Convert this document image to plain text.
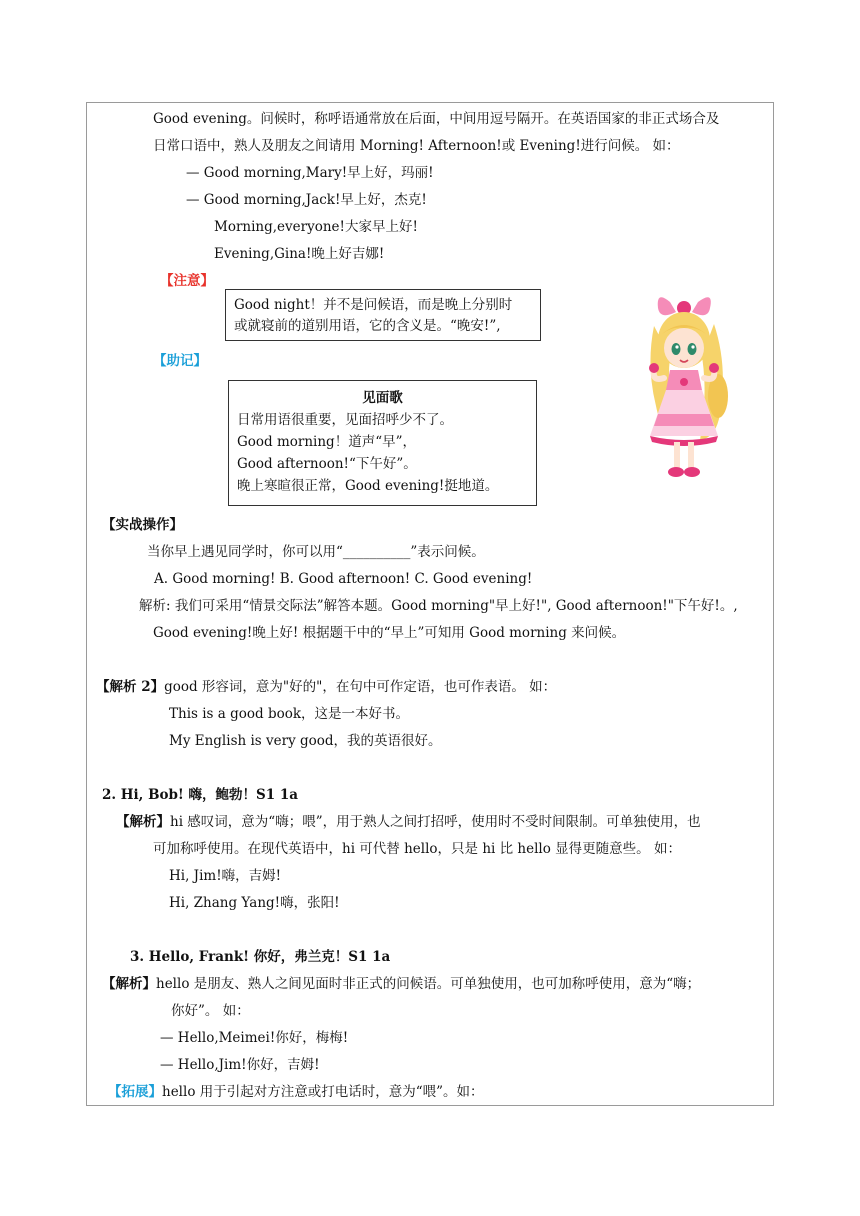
Good evening。问候时，称呼语通常放在后面，中间用逗号隔开。在英语国家的非正式场合及
日常口语中，熟人及朋友之间请用 Morning! Afternoon!或 Evening!进行问候。 如：
— Good morning,Mary!早上好，玛丽!
— Good morning,Jack!早上好，杰克!
Morning,everyone!大家早上好!
Evening,Gina!晚上好吉娜!
【注意】
Good night！并不是问候语，而是晚上分别时
或就寝前的道别用语，它的含义是。“晚安!”,
【助记】
见面歌
日常用语很重要，见面招呼少不了。
Good morning！道声“早”，
Good afternoon!“下午好”。
晚上寒暄很正常，Good evening!挺地道。
【实战操作】
当你早上遇见同学时，你可以用“__________”表示问候。
A. Good morning! B. Good afternoon! C. Good evening!
解析: 我们可采用“情景交际法”解答本题。Good morning"早上好!", Good afternoon!"下午好!。,
Good evening!晚上好! 根据题干中的“早上”可知用 Good morning 来问候。
【解析 2】good 形容词，意为"好的"，在句中可作定语，也可作表语。 如：
This is a good book，这是一本好书。
My English is very good，我的英语很好。
2. Hi, Bob! 嗨，鲍勃！S1 1a
【解析】hi 感叹词，意为“嗨；喂”，用于熟人之间打招呼，使用时不受时间限制。可单独使用，也
可加称呼使用。在现代英语中，hi 可代替 hello，只是 hi 比 hello 显得更随意些。 如：
Hi, Jim!嗨，吉姆!
Hi, Zhang Yang!嗨，张阳!
3. Hello, Frank! 你好，弗兰克！S1 1a
【解析】hello 是朋友、熟人之间见面时非正式的问候语。可单独使用，也可加称呼使用，意为“嗨；
你好”。 如：
— Hello,Meimei!你好，梅梅!
— Hello,Jim!你好，吉姆!
【拓展】hello 用于引起对方注意或打电话时，意为“喂”。如：
